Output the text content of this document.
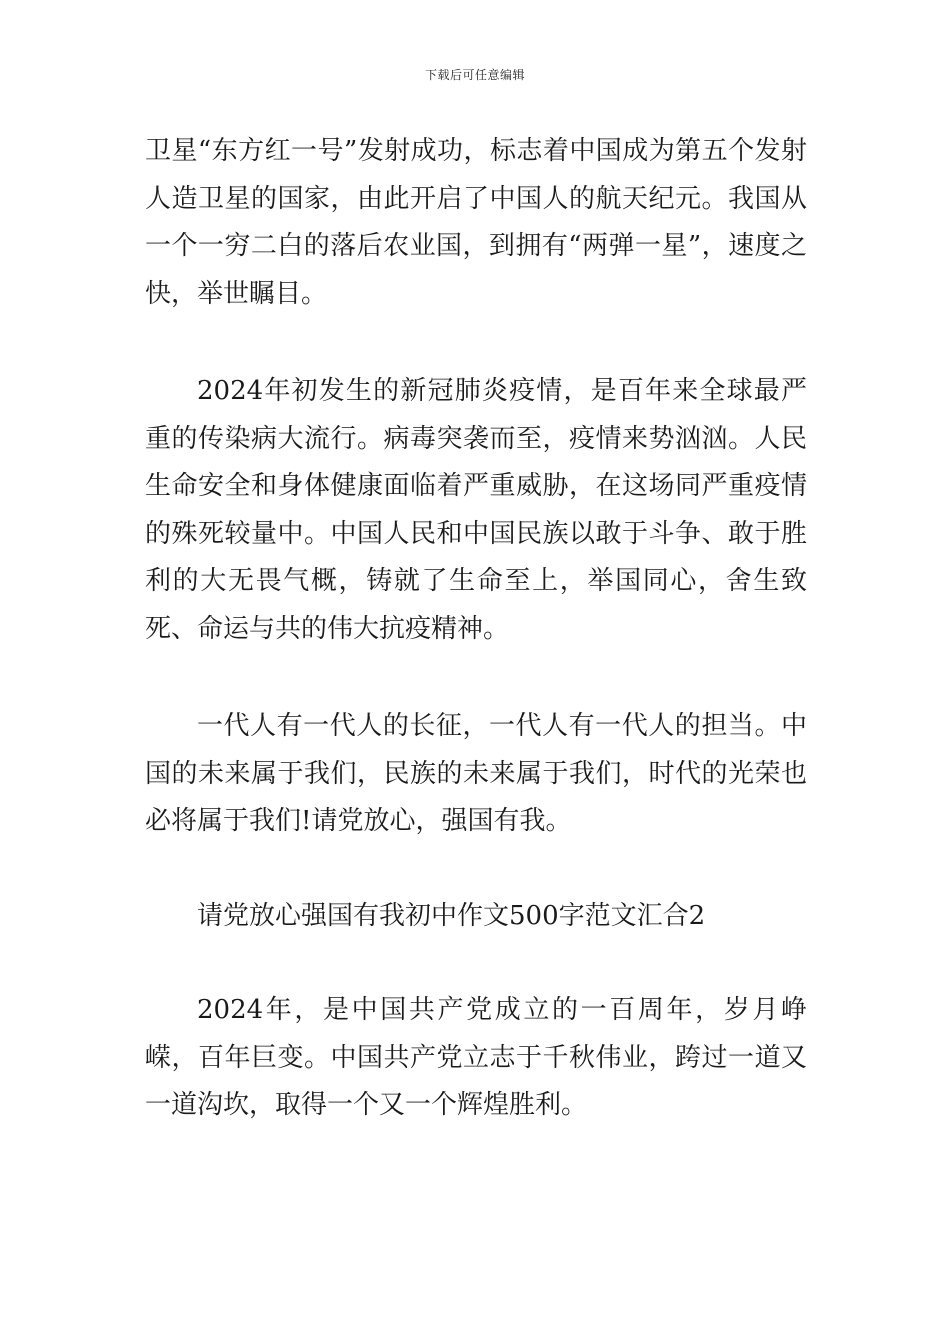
下载后可任意编辑

卫星“东方红一号”发射成功，标志着中国成为第五个发射人造卫星的国家，由此开启了中国人的航天纪元。我国从一个一穷二白的落后农业国，到拥有“两弹一星”，速度之快，举世瞩目。

2024年初发生的新冠肺炎疫情，是百年来全球最严重的传染病大流行。病毒突袭而至，疫情来势汹汹。人民生命安全和身体健康面临着严重威胁，在这场同严重疫情的殊死较量中。中国人民和中国民族以敢于斗争、敢于胜利的大无畏气概，铸就了生命至上，举国同心，舍生致死、命运与共的伟大抗疫精神。

一代人有一代人的长征，一代人有一代人的担当。中国的未来属于我们，民族的未来属于我们，时代的光荣也必将属于我们!请党放心，强国有我。

请党放心强国有我初中作文500字范文汇合2

2024年，是中国共产党成立的一百周年，岁月峥嵘，百年巨变。中国共产党立志于千秋伟业，跨过一道又一道沟坎，取得一个又一个辉煌胜利。
